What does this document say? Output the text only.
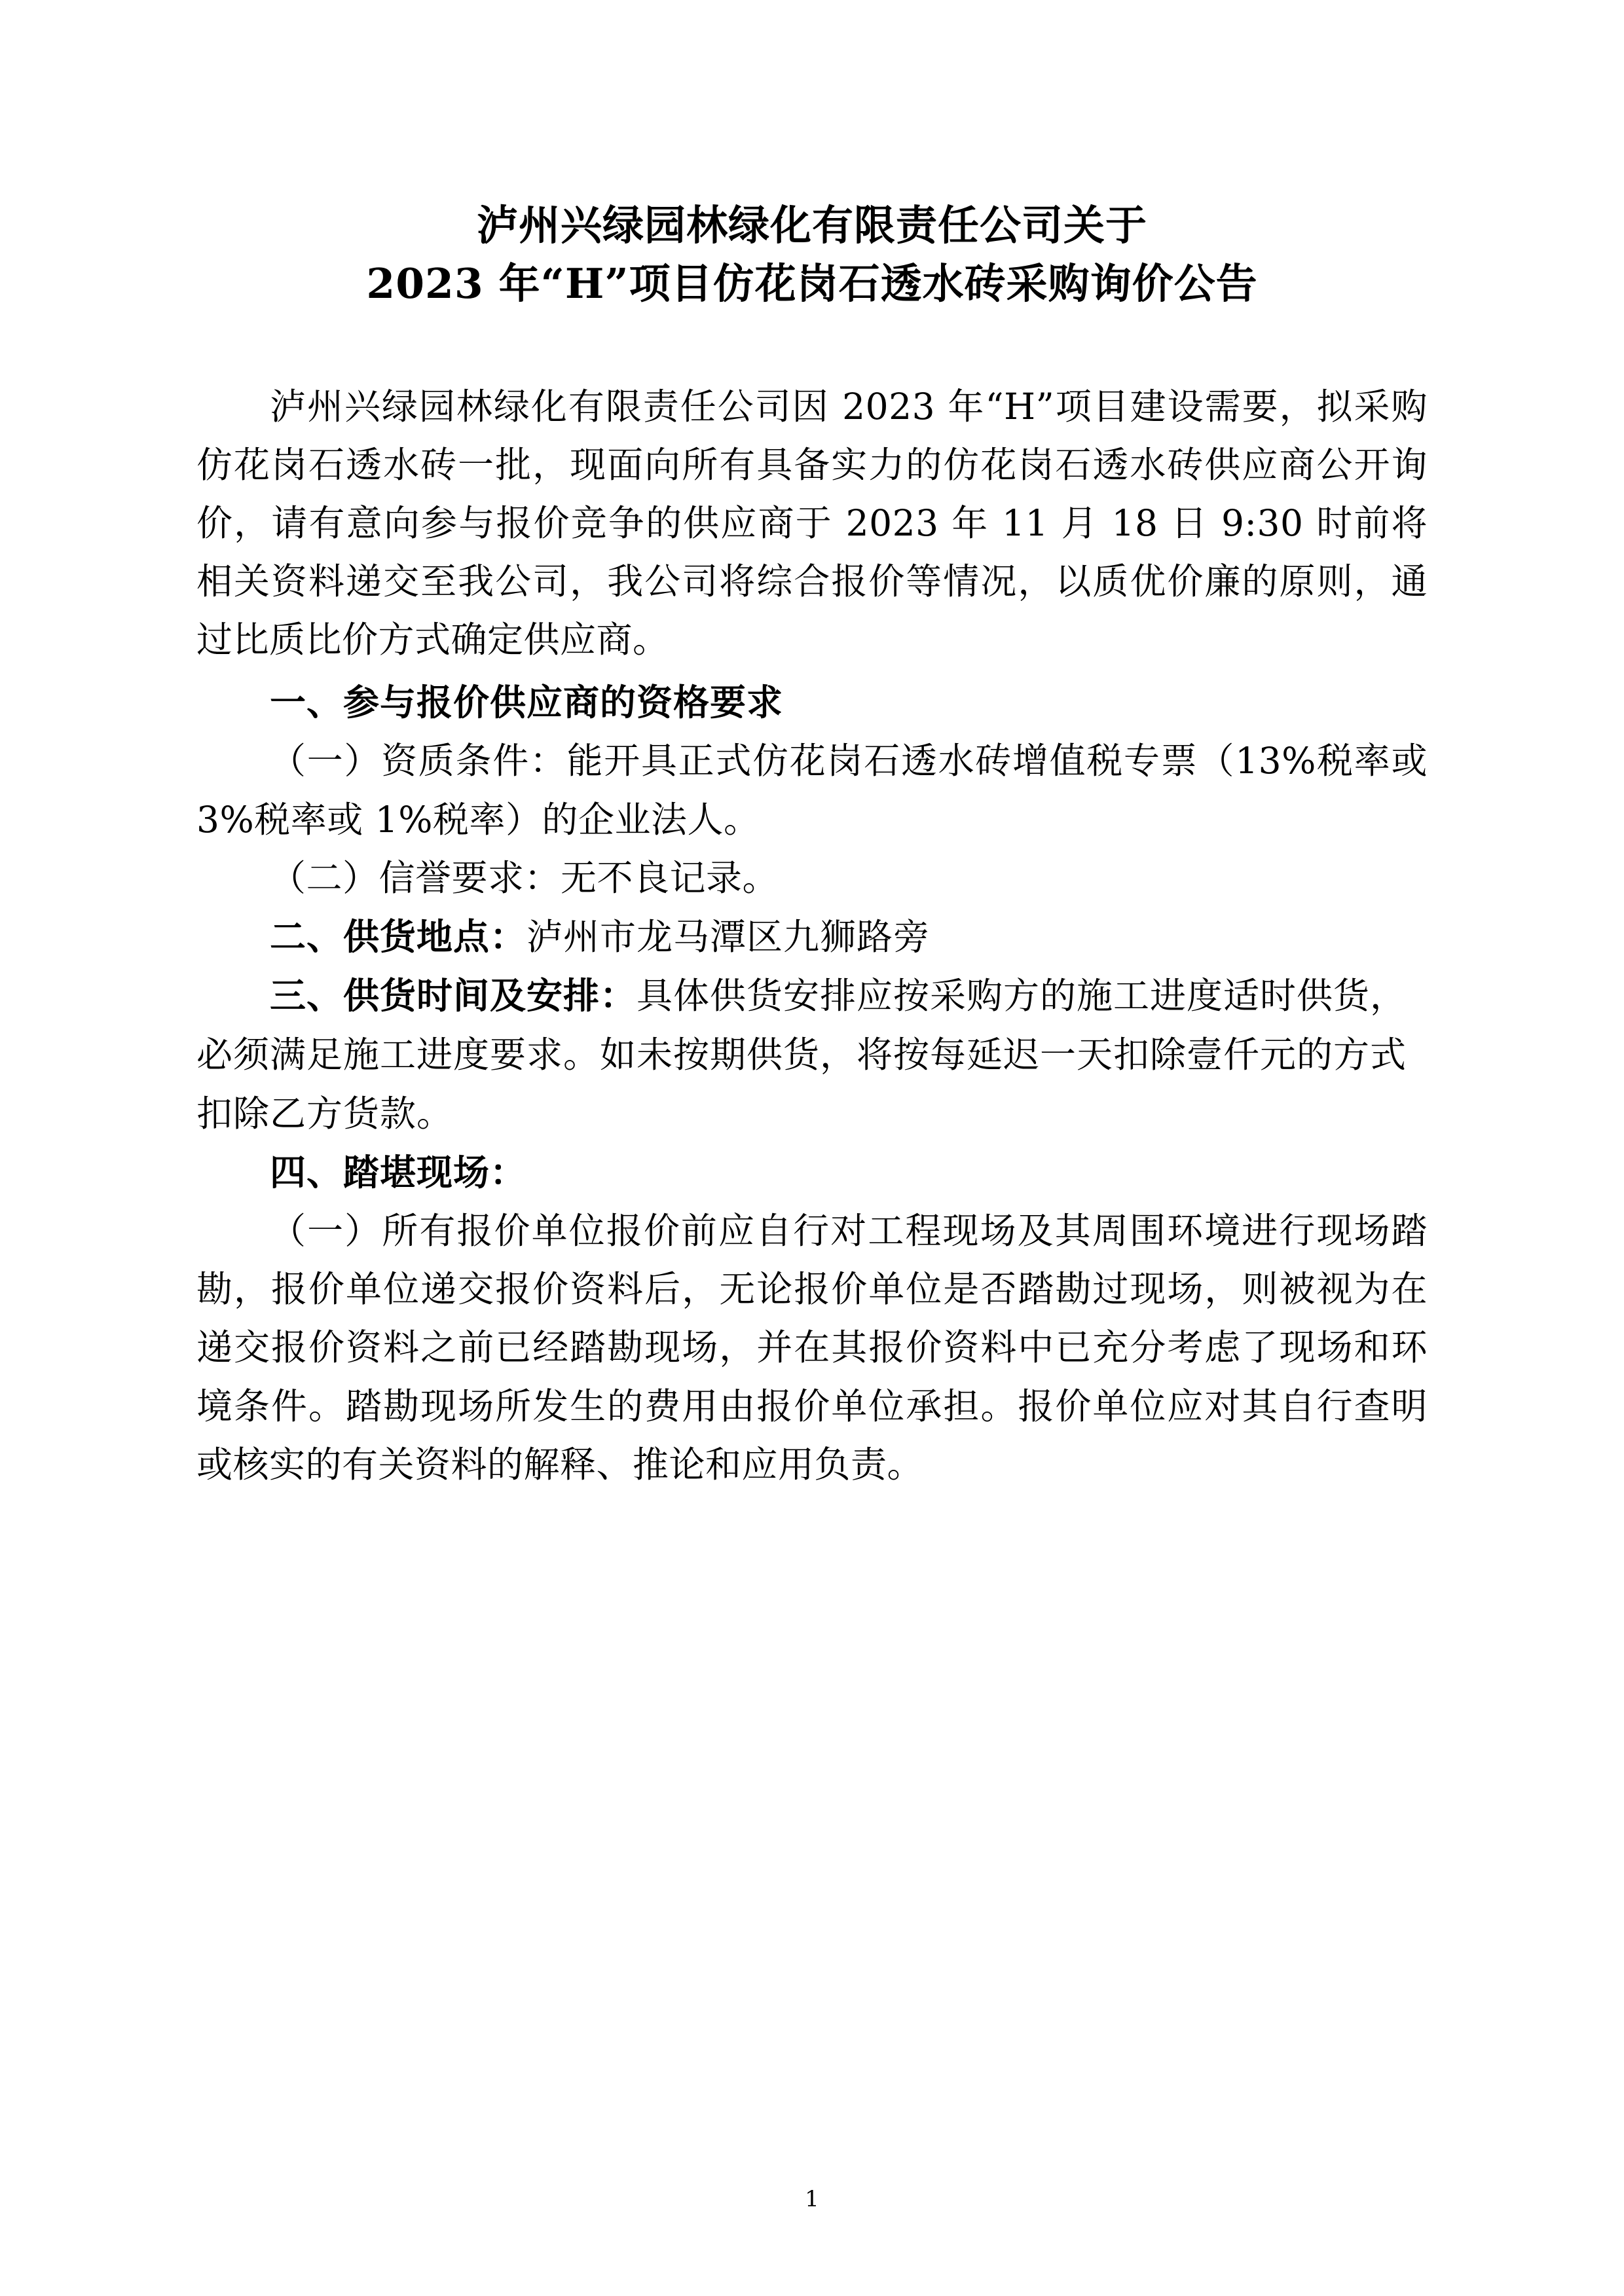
泸州兴绿园林绿化有限责任公司关于
2023 年“H”项目仿花岗石透水砖采购询价公告

泸州兴绿园林绿化有限责任公司因 2023 年“H”项目建设需要，拟采购仿花岗石透水砖一批，现面向所有具备实力的仿花岗石透水砖供应商公开询价，请有意向参与报价竞争的供应商于 2023 年 11 月 18 日 9:30 时前将相关资料递交至我公司，我公司将综合报价等情况，以质优价廉的原则，通过比质比价方式确定供应商。

一、参与报价供应商的资格要求

（一）资质条件：能开具正式仿花岗石透水砖增值税专票（13%税率或 3%税率或 1%税率）的企业法人。

（二）信誉要求：无不良记录。

二、供货地点：泸州市龙马潭区九狮路旁

三、供货时间及安排：具体供货安排应按采购方的施工进度适时供货，必须满足施工进度要求。如未按期供货，将按每延迟一天扣除壹仟元的方式扣除乙方货款。

四、踏堪现场：

（一）所有报价单位报价前应自行对工程现场及其周围环境进行现场踏勘，报价单位递交报价资料后，无论报价单位是否踏勘过现场，则被视为在递交报价资料之前已经踏勘现场，并在其报价资料中已充分考虑了现场和环境条件。踏勘现场所发生的费用由报价单位承担。报价单位应对其自行查明或核实的有关资料的解释、推论和应用负责。

1
